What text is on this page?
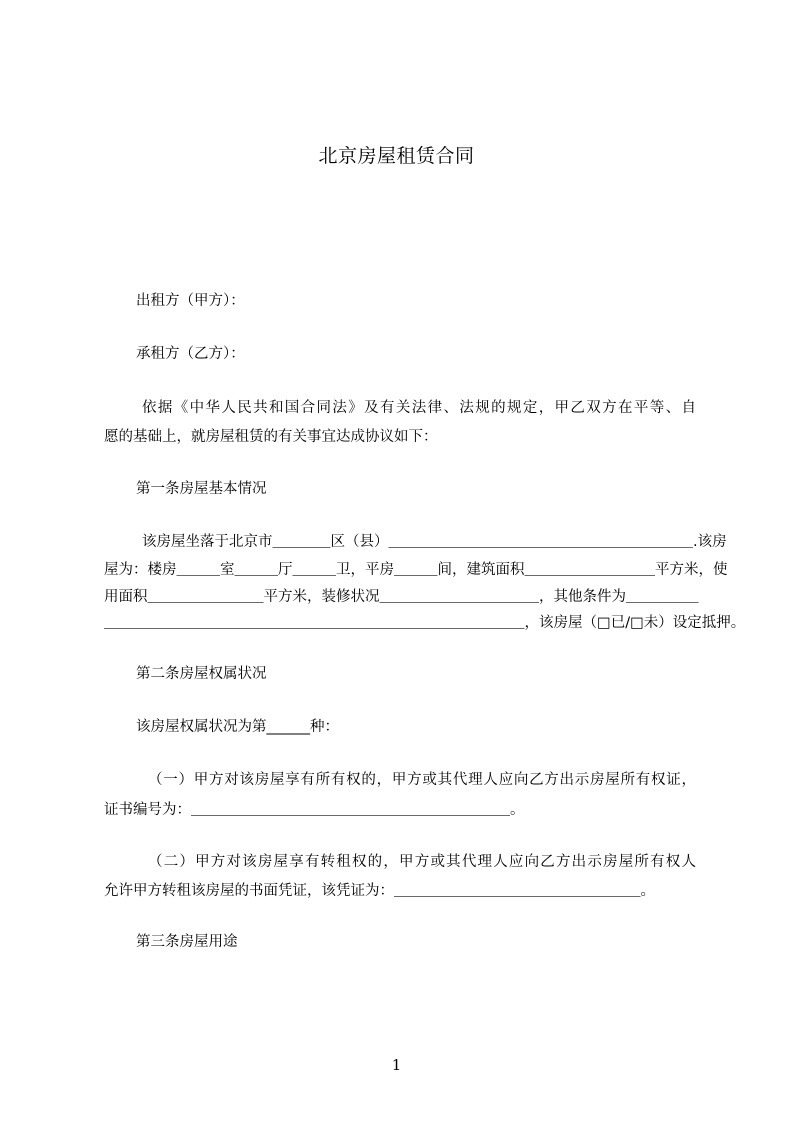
北京房屋租赁合同
出租方（甲方）：
承租方（乙方）：
依据《中华人民共和国合同法》及有关法律、法规的规定，甲乙双方在平等、自
愿的基础上，就房屋租赁的有关事宜达成协议如下：
第一条房屋基本情况
该房屋坐落于北京市＿＿＿＿区（县）＿＿＿＿＿＿＿＿＿＿＿＿＿＿＿＿＿＿＿＿＿.该房
屋为：楼房＿＿＿室＿＿＿厅＿＿＿卫，平房＿＿＿间，建筑面积＿＿＿＿＿＿＿＿＿平方米，使
用面积＿＿＿＿＿＿＿＿平方米，装修状况＿＿＿＿＿＿＿＿＿＿＿，其他条件为＿＿＿＿＿
＿＿＿＿＿＿＿＿＿＿＿＿＿＿＿＿＿＿＿＿＿＿＿＿＿＿＿＿＿，该房屋（□已/□未）设定抵押。
第二条房屋权属状况
该房屋权属状况为第______种：
（一）甲方对该房屋享有所有权的，甲方或其代理人应向乙方出示房屋所有权证，
证书编号为：＿＿＿＿＿＿＿＿＿＿＿＿＿＿＿＿＿＿＿＿＿＿。
（二）甲方对该房屋享有转租权的，甲方或其代理人应向乙方出示房屋所有权人
允许甲方转租该房屋的书面凭证，该凭证为：＿＿＿＿＿＿＿＿＿＿＿＿＿＿＿＿＿。
第三条房屋用途
1
